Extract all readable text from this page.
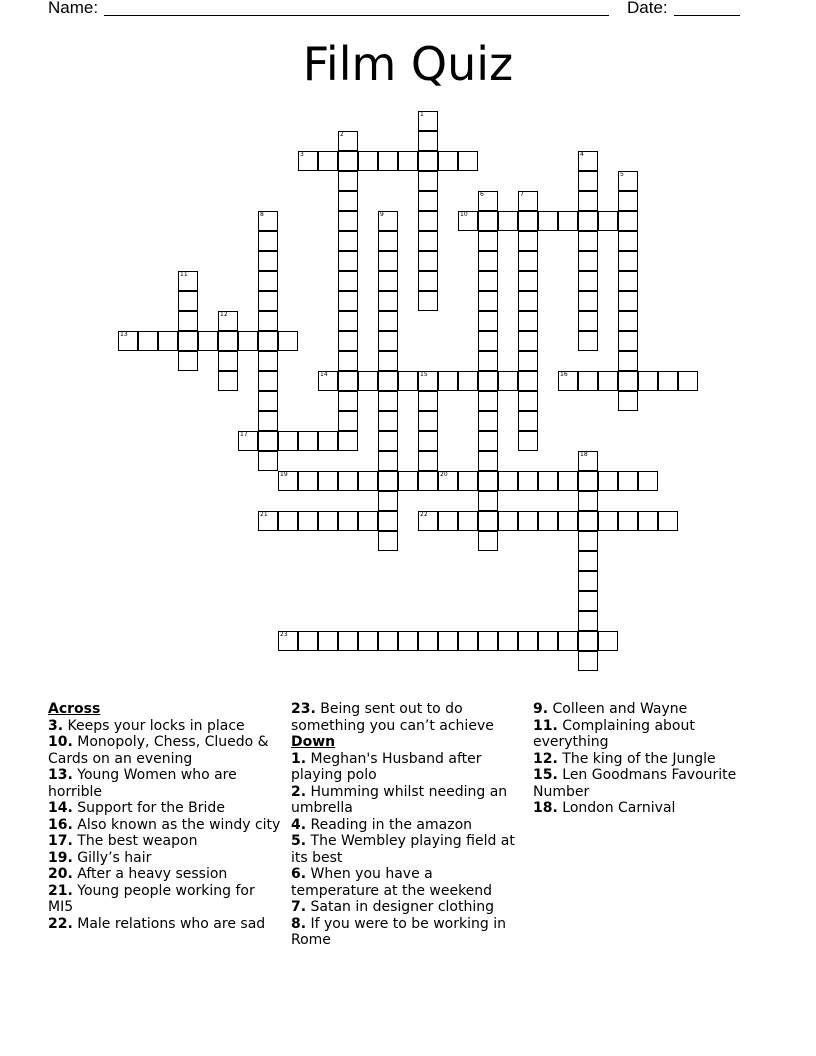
Name:	Date:
Film Quiz
1
2
3	4
5
6	7
8	9	10
11
12
13
14	15	16
17
18
19	20
21	22
23
Across
3. Keeps your locks in place
10. Monopoly, Chess, Cluedo & Cards on an evening
13. Young Women who are horrible
14. Support for the Bride
16. Also known as the windy city
17. The best weapon
19. Gilly’s hair
20. After a heavy session
21. Young people working for MI5
22. Male relations who are sad
23. Being sent out to do something you can’t achieve
Down
1. Meghan's Husband after playing polo
2. Humming whilst needing an umbrella
4. Reading in the amazon
5. The Wembley playing field at its best
6. When you have a temperature at the weekend
7. Satan in designer clothing
8. If you were to be working in Rome
9. Colleen and Wayne
11. Complaining about everything
12. The king of the Jungle
15. Len Goodmans Favourite Number
18. London Carnival
